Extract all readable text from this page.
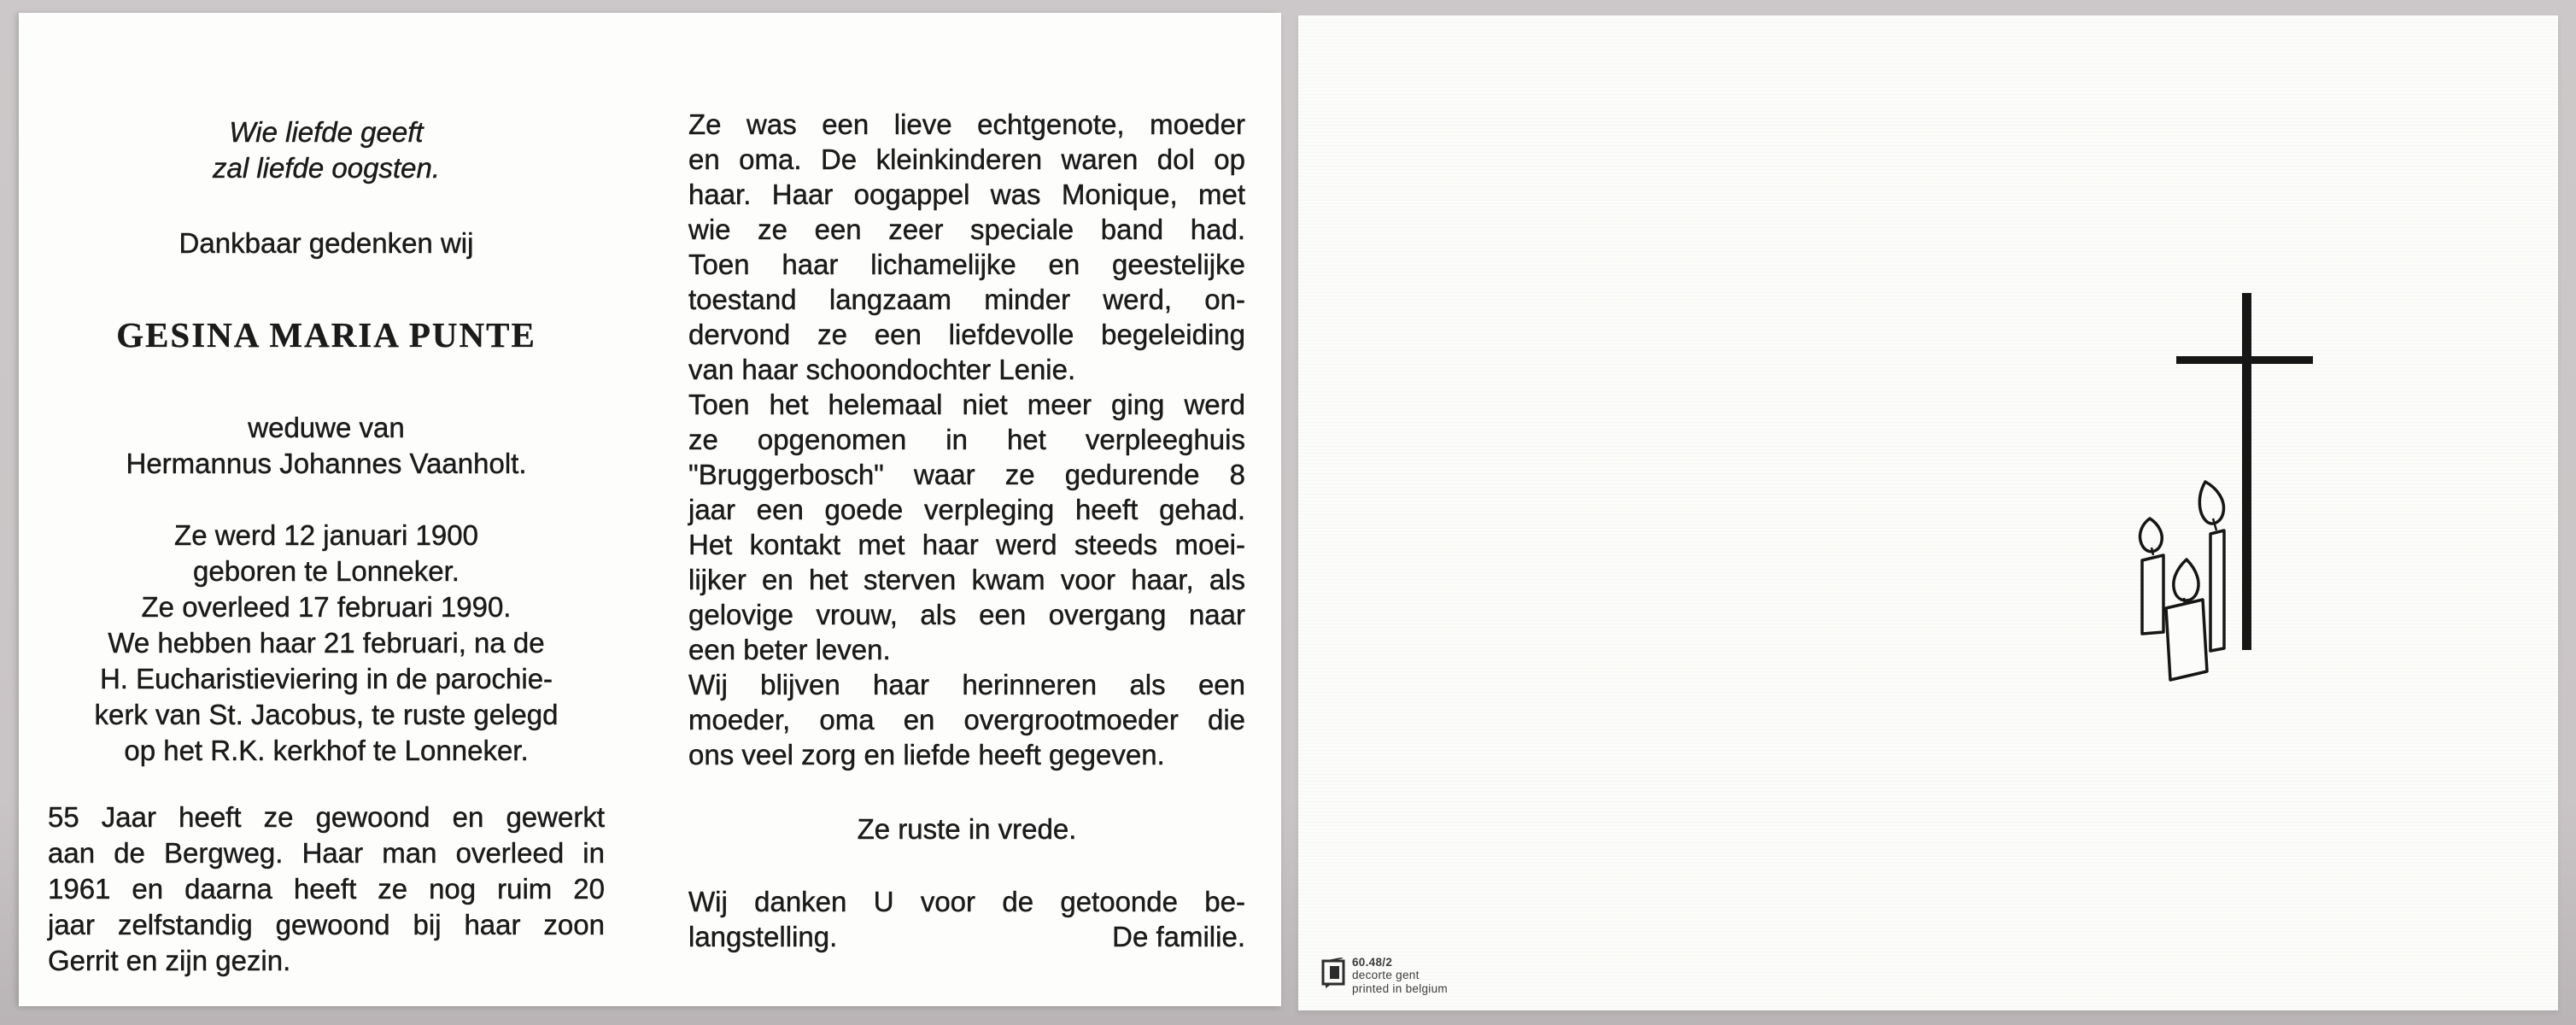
Wie liefde geeft
zal liefde oogsten.
Dankbaar gedenken wij
GESINA MARIA PUNTE
weduwe van
Hermannus Johannes Vaanholt.
Ze werd 12 januari 1900
geboren te Lonneker.
Ze overleed 17 februari 1990.
We hebben haar 21 februari, na de
H. Eucharistieviering in de parochie-
kerk van St. Jacobus, te ruste gelegd
op het R.K. kerkhof te Lonneker.
55 Jaar heeft ze gewoond en gewerkt
aan de Bergweg. Haar man overleed in
1961 en daarna heeft ze nog ruim 20
jaar zelfstandig gewoond bij haar zoon
Gerrit en zijn gezin.
Ze was een lieve echtgenote, moeder
en oma. De kleinkinderen waren dol op
haar. Haar oogappel was Monique, met
wie ze een zeer speciale band had.
Toen haar lichamelijke en geestelijke
toestand langzaam minder werd, on-
dervond ze een liefdevolle begeleiding
van haar schoondochter Lenie.
Toen het helemaal niet meer ging werd
ze opgenomen in het verpleeghuis
"Bruggerbosch" waar ze gedurende 8
jaar een goede verpleging heeft gehad.
Het kontakt met haar werd steeds moei-
lijker en het sterven kwam voor haar, als
gelovige vrouw, als een overgang naar
een beter leven.
Wij blijven haar herinneren als een
moeder, oma en overgrootmoeder die
ons veel zorg en liefde heeft gegeven.
Ze ruste in vrede.
Wij danken U voor de getoonde be-
langstelling.	De familie.
60.48/2
decorte gent
printed in belgium
